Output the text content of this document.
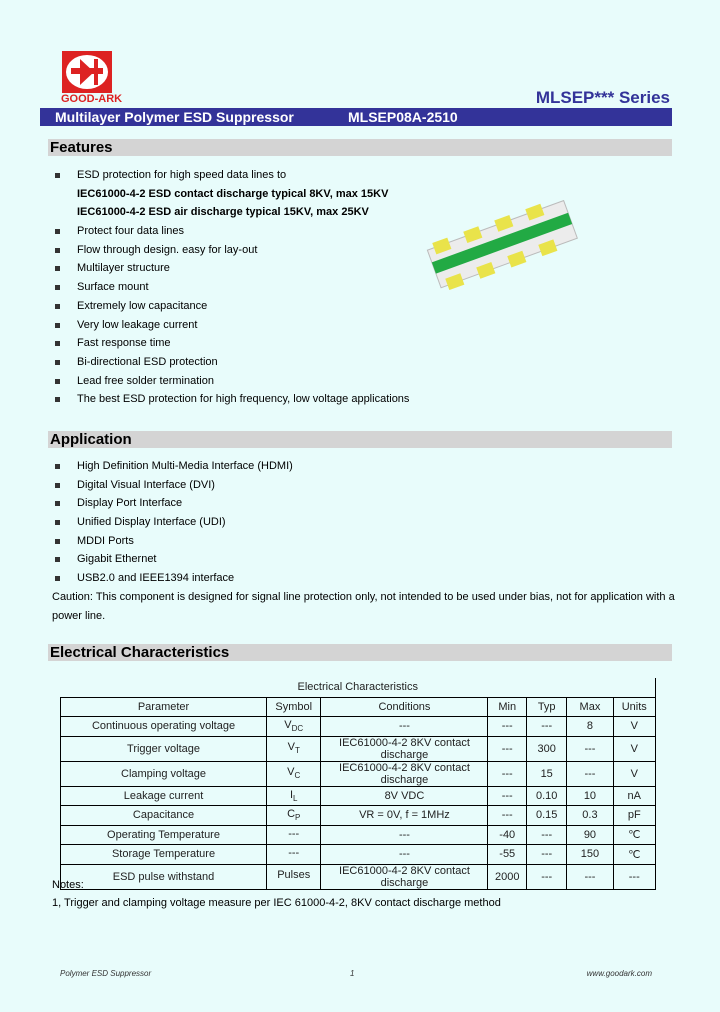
GOOD-ARK	MLSEP*** Series
Multilayer Polymer ESD Suppressor	MLSEP08A-2510
Features
ESD protection for high speed data lines to
IEC61000-4-2 ESD contact discharge typical 8KV, max 15KV
IEC61000-4-2 ESD air discharge typical 15KV, max 25KV
Protect four data lines
Flow through design. easy for lay-out
Multilayer structure
Surface mount
Extremely low capacitance
Very low leakage current
Fast response time
Bi-directional ESD protection
Lead free solder termination
The best ESD protection for high frequency, low voltage applications
Application
High Definition Multi-Media Interface (HDMI)
Digital Visual Interface (DVI)
Display Port Interface
Unified Display Interface (UDI)
MDDI Ports
Gigabit Ethernet
USB2.0 and IEEE1394 interface
Caution: This component is designed for signal line protection only, not intended to be used under bias, not for application with a
power line.
Electrical Characteristics
Electrical Characteristics						
Parameter	Symbol	Conditions	Min	Typ	Max	Units
Continuous operating voltage	$V_{DC}$	---	---	---	8	V
Trigger voltage	$V_T$	IEC61000-4-2 8KV contact discharge	---	300	---	V
Clamping voltage	$V_C$	IEC61000-4-2 8KV contact discharge	---	15	---	V
Leakage current	$I_L$	8V VDC	---	0.10	10	nA
Capacitance	$C_P$	VR = 0V, f = 1MHz	---	0.15	0.3	pF
Operating Temperature	---	---	-40	---	90	℃
Storage Temperature	---	---	-55	---	150	℃
ESD pulse withstand	Pulses	IEC61000-4-2 8KV contact discharge	2000	---	---	---
Notes:
1, Trigger and clamping voltage measure per IEC 61000-4-2, 8KV contact discharge method
Polymer ESD Suppressor	1	www.goodark.com
